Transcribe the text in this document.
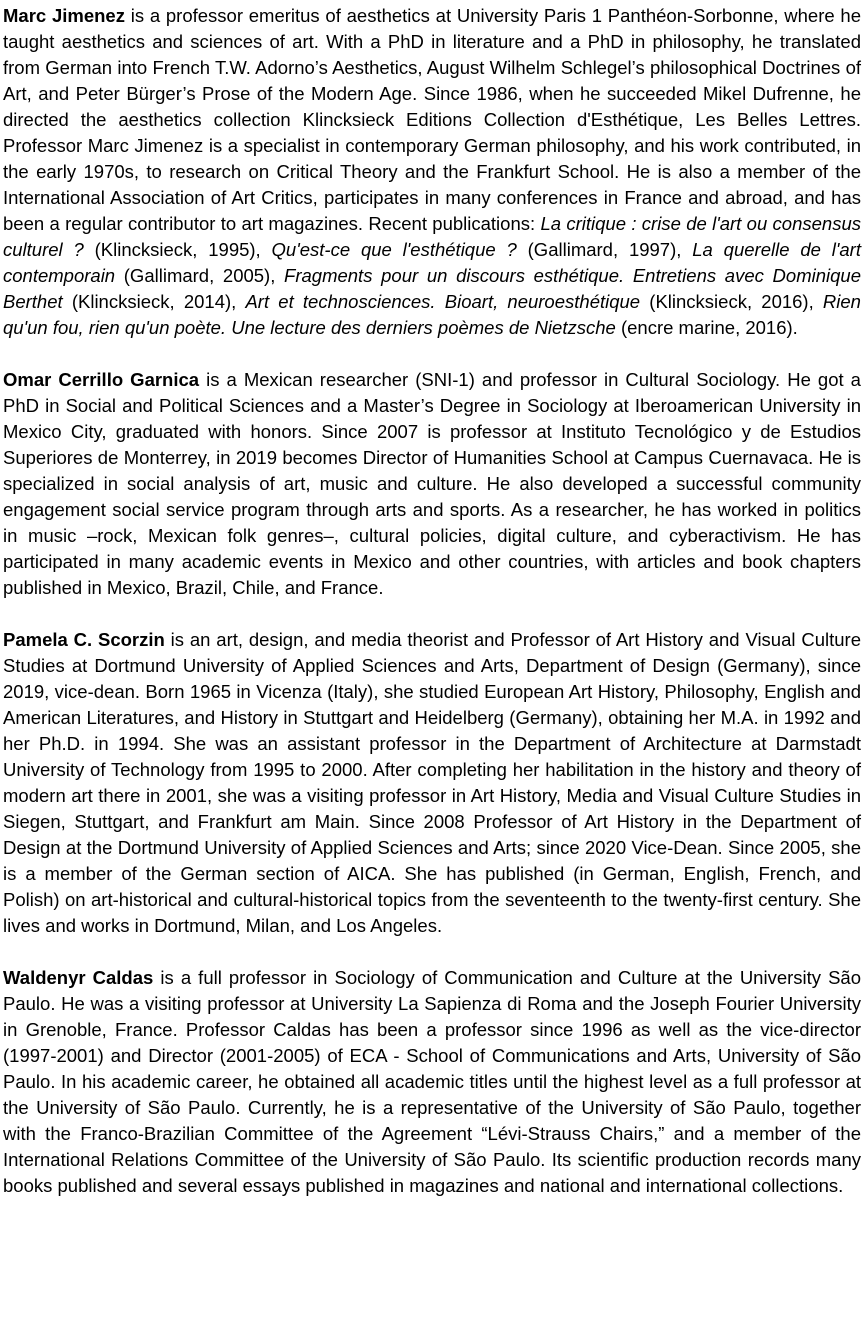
Marc Jimenez is a professor emeritus of aesthetics at University Paris 1 Panthéon-Sorbonne, where he taught aesthetics and sciences of art. With a PhD in literature and a PhD in philosophy, he translated from German into French T.W. Adorno’s Aesthetics, August Wilhelm Schlegel’s philosophical Doctrines of Art, and Peter Bürger’s Prose of the Modern Age. Since 1986, when he succeeded Mikel Dufrenne, he directed the aesthetics collection Klincksieck Editions Collection d'Esthétique, Les Belles Lettres. Professor Marc Jimenez is a specialist in contemporary German philosophy, and his work contributed, in the early 1970s, to research on Critical Theory and the Frankfurt School. He is also a member of the International Association of Art Critics, participates in many conferences in France and abroad, and has been a regular contributor to art magazines. Recent publications: La critique : crise de l'art ou consensus culturel ? (Klincksieck, 1995), Qu'est-ce que l'esthétique ? (Gallimard, 1997), La querelle de l'art contemporain (Gallimard, 2005), Fragments pour un discours esthétique. Entretiens avec Dominique Berthet (Klincksieck, 2014), Art et technosciences. Bioart, neuroesthétique (Klincksieck, 2016), Rien qu'un fou, rien qu'un poète. Une lecture des derniers poèmes de Nietzsche (encre marine, 2016).

Omar Cerrillo Garnica is a Mexican researcher (SNI-1) and professor in Cultural Sociology. He got a PhD in Social and Political Sciences and a Master’s Degree in Sociology at Iberoamerican University in Mexico City, graduated with honors. Since 2007 is professor at Instituto Tecnológico y de Estudios Superiores de Monterrey, in 2019 becomes Director of Humanities School at Campus Cuernavaca. He is specialized in social analysis of art, music and culture. He also developed a successful community engagement social service program through arts and sports. As a researcher, he has worked in politics in music –rock, Mexican folk genres–, cultural policies, digital culture, and cyberactivism. He has participated in many academic events in Mexico and other countries, with articles and book chapters published in Mexico, Brazil, Chile, and France.

Pamela C. Scorzin is an art, design, and media theorist and Professor of Art History and Visual Culture Studies at Dortmund University of Applied Sciences and Arts, Department of Design (Germany), since 2019, vice-dean. Born 1965 in Vicenza (Italy), she studied European Art History, Philosophy, English and American Literatures, and History in Stuttgart and Heidelberg (Germany), obtaining her M.A. in 1992 and her Ph.D. in 1994. She was an assistant professor in the Department of Architecture at Darmstadt University of Technology from 1995 to 2000. After completing her habilitation in the history and theory of modern art there in 2001, she was a visiting professor in Art History, Media and Visual Culture Studies in Siegen, Stuttgart, and Frankfurt am Main. Since 2008 Professor of Art History in the Department of Design at the Dortmund University of Applied Sciences and Arts; since 2020 Vice-Dean. Since 2005, she is a member of the German section of AICA. She has published (in German, English, French, and Polish) on art-historical and cultural-historical topics from the seventeenth to the twenty-first century. She lives and works in Dortmund, Milan, and Los Angeles.

Waldenyr Caldas is a full professor in Sociology of Communication and Culture at the University São Paulo. He was a visiting professor at University La Sapienza di Roma and the Joseph Fourier University in Grenoble, France. Professor Caldas has been a professor since 1996 as well as the vice-director (1997-2001) and Director (2001-2005) of ECA - School of Communications and Arts, University of São Paulo. In his academic career, he obtained all academic titles until the highest level as a full professor at the University of São Paulo. Currently, he is a representative of the University of São Paulo, together with the Franco-Brazilian Committee of the Agreement “Lévi-Strauss Chairs,” and a member of the International Relations Committee of the University of São Paulo. Its scientific production records many books published and several essays published in magazines and national and international collections.
